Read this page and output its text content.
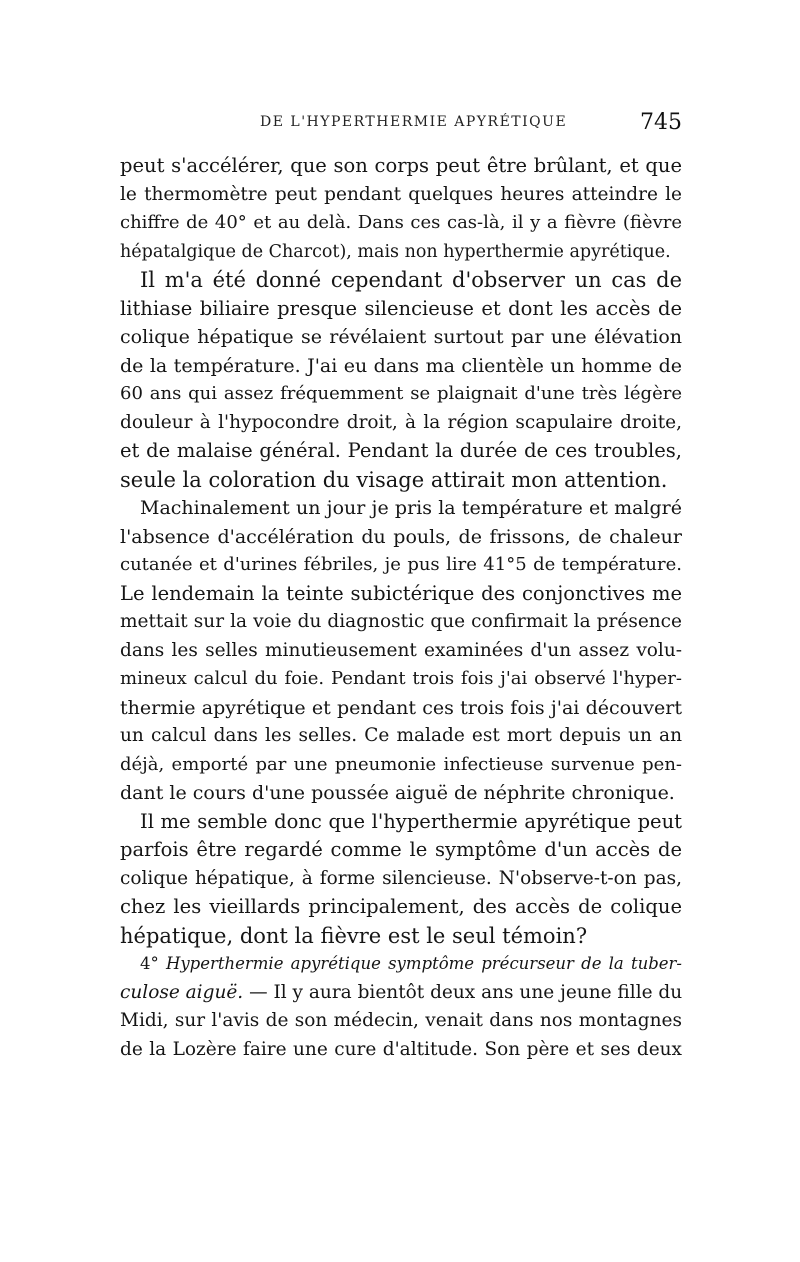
DE L'HYPERTHERMIE APYRÉTIQUE	745
peut s'accélérer, que son corps peut être brûlant, et que
le thermomètre peut pendant quelques heures atteindre le
chiffre de 40° et au delà. Dans ces cas-là, il y a fièvre (fièvre
hépatalgique de Charcot), mais non hyperthermie apyrétique.
Il m'a été donné cependant d'observer un cas de
lithiase biliaire presque silencieuse et dont les accès de
colique hépatique se révélaient surtout par une élévation
de la température. J'ai eu dans ma clientèle un homme de
60 ans qui assez fréquemment se plaignait d'une très légère
douleur à l'hypocondre droit, à la région scapulaire droite,
et de malaise général. Pendant la durée de ces troubles,
seule la coloration du visage attirait mon attention.
Machinalement un jour je pris la température et malgré
l'absence d'accélération du pouls, de frissons, de chaleur
cutanée et d'urines fébriles, je pus lire 41°5 de température.
Le lendemain la teinte subictérique des conjonctives me
mettait sur la voie du diagnostic que confirmait la présence
dans les selles minutieusement examinées d'un assez volu-
mineux calcul du foie. Pendant trois fois j'ai observé l'hyper-
thermie apyrétique et pendant ces trois fois j'ai découvert
un calcul dans les selles. Ce malade est mort depuis un an
déjà, emporté par une pneumonie infectieuse survenue pen-
dant le cours d'une poussée aiguë de néphrite chronique.
Il me semble donc que l'hyperthermie apyrétique peut
parfois être regardé comme le symptôme d'un accès de
colique hépatique, à forme silencieuse. N'observe-t-on pas,
chez les vieillards principalement, des accès de colique
hépatique, dont la fièvre est le seul témoin?
4° Hyperthermie apyrétique symptôme précurseur de la tuber-
culose aiguë. — Il y aura bientôt deux ans une jeune fille du
Midi, sur l'avis de son médecin, venait dans nos montagnes
de la Lozère faire une cure d'altitude. Son père et ses deux
